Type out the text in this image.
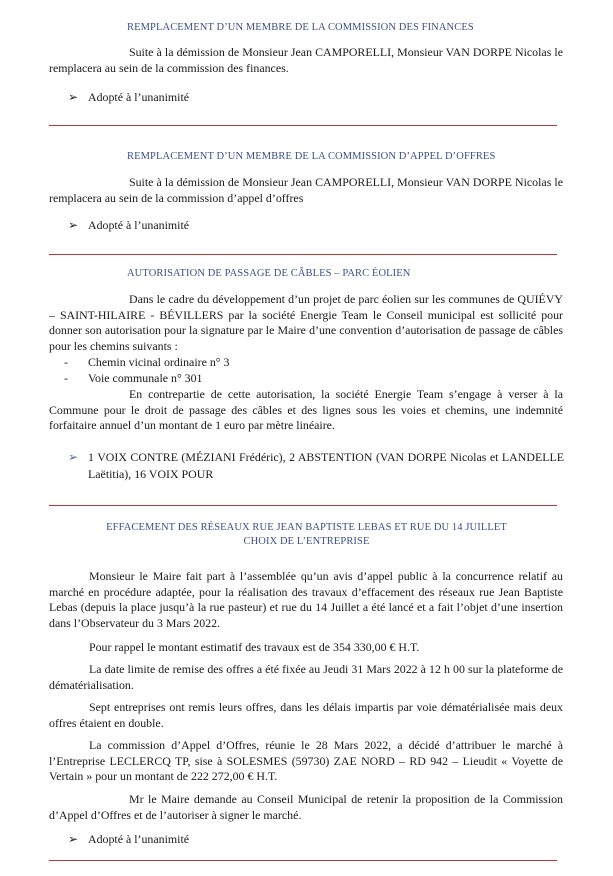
REMPLACEMENT D’UN MEMBRE DE LA COMMISSION DES FINANCES
Suite à la démission de Monsieur Jean CAMPORELLI, Monsieur VAN DORPE Nicolas le remplacera au sein de la commission des finances.
➢ Adopté à l’unanimité
REMPLACEMENT D’UN MEMBRE DE LA COMMISSION D’APPEL D’OFFRES
Suite à la démission de Monsieur Jean CAMPORELLI, Monsieur VAN DORPE Nicolas le remplacera au sein de la commission d’appel d’offres
➢ Adopté à l’unanimité
AUTORISATION DE PASSAGE DE CÂBLES – PARC ÉOLIEN
Dans le cadre du développement d’un projet de parc éolien sur les communes de QUIÉVY – SAINT-HILAIRE - BÉVILLERS par la société Energie Team le Conseil municipal est sollicité pour donner son autorisation pour la signature par le Maire d’une convention d’autorisation de passage de câbles pour les chemins suivants :
- Chemin vicinal ordinaire n° 3
- Voie communale n° 301
En contrepartie de cette autorisation, la société Energie Team s’engage à verser à la Commune pour le droit de passage des câbles et des lignes sous les voies et chemins, une indemnité forfaitaire annuel d’un montant de 1 euro par mètre linéaire.
➢ 1 VOIX CONTRE (MÉZIANI Frédéric), 2 ABSTENTION (VAN DORPE Nicolas et LANDELLE Laëtitia), 16 VOIX POUR
EFFACEMENT DES RÉSEAUX RUE JEAN BAPTISTE LEBAS ET RUE DU 14 JUILLET
CHOIX DE L’ENTREPRISE
Monsieur le Maire fait part à l’assemblée qu’un avis d’appel public à la concurrence relatif au marché en procédure adaptée, pour la réalisation des travaux d’effacement des réseaux rue Jean Baptiste Lebas (depuis la place jusqu’à la rue pasteur) et rue du 14 Juillet a été lancé et a fait l’objet d’une insertion dans l’Observateur du 3 Mars 2022.
Pour rappel le montant estimatif des travaux est de 354 330,00 € H.T.
La date limite de remise des offres a été fixée au Jeudi 31 Mars 2022 à 12 h 00 sur la plateforme de dématérialisation.
Sept entreprises ont remis leurs offres, dans les délais impartis par voie dématérialisée mais deux offres étaient en double.
La commission d’Appel d’Offres, réunie le 28 Mars 2022, a décidé d’attribuer le marché à l’Entreprise LECLERCQ TP, sise à SOLESMES (59730) ZAE NORD – RD 942 – Lieudit « Voyette de Vertain » pour un montant de 222 272,00 € H.T.
Mr le Maire demande au Conseil Municipal de retenir la proposition de la Commission d’Appel d’Offres et de l’autoriser à signer le marché.
➢ Adopté à l’unanimité
